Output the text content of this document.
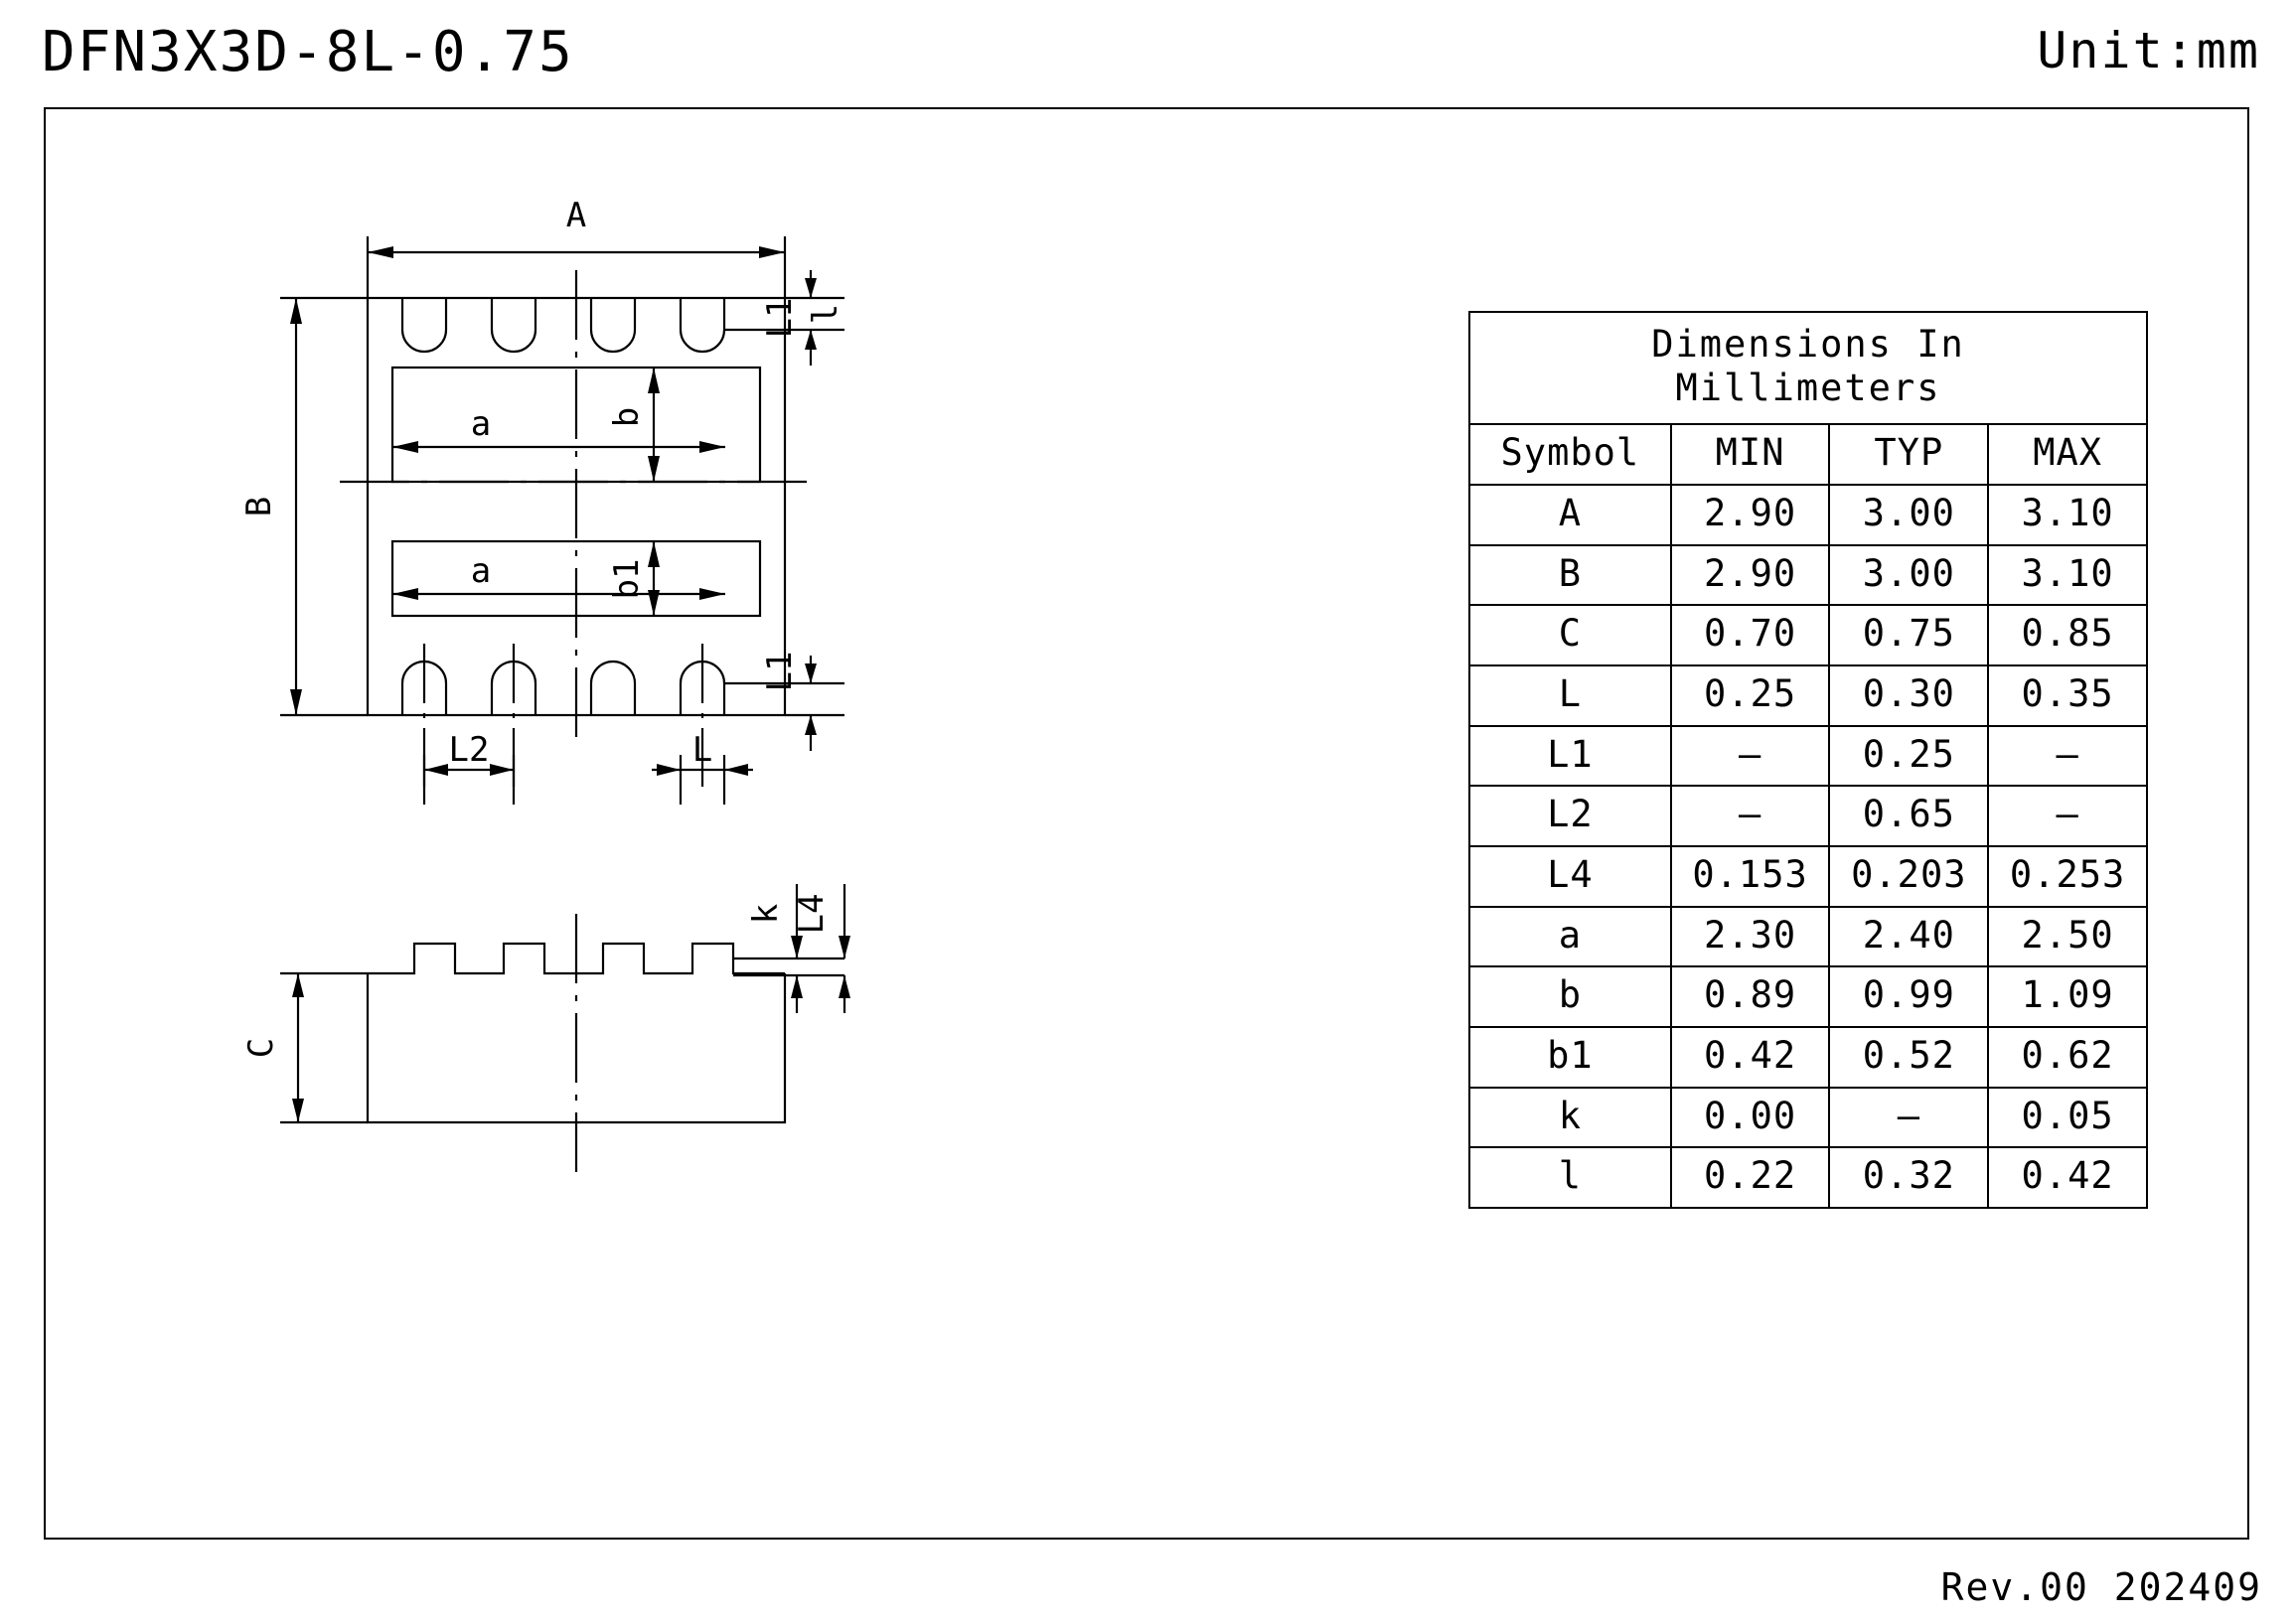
DFN3X3D-8L-0.75	Unit:mm
Rev.00 202409
A
B
a	b
a	b1
L1 l
L1
L2	L
C
k L4
Dimensions In
Millimeters			

Symbol	MIN	TYP	MAX
A	2.90	3.00	3.10
B	2.90	3.00	3.10
C	0.70	0.75	0.85
L	0.25	0.30	0.35
L1	–	0.25	–
L2	–	0.65	–
L4	0.153	0.203	0.253
a	2.30	2.40	2.50
b	0.89	0.99	1.09
b1	0.42	0.52	0.62
k	0.00	–	0.05
l	0.22	0.32	0.42
